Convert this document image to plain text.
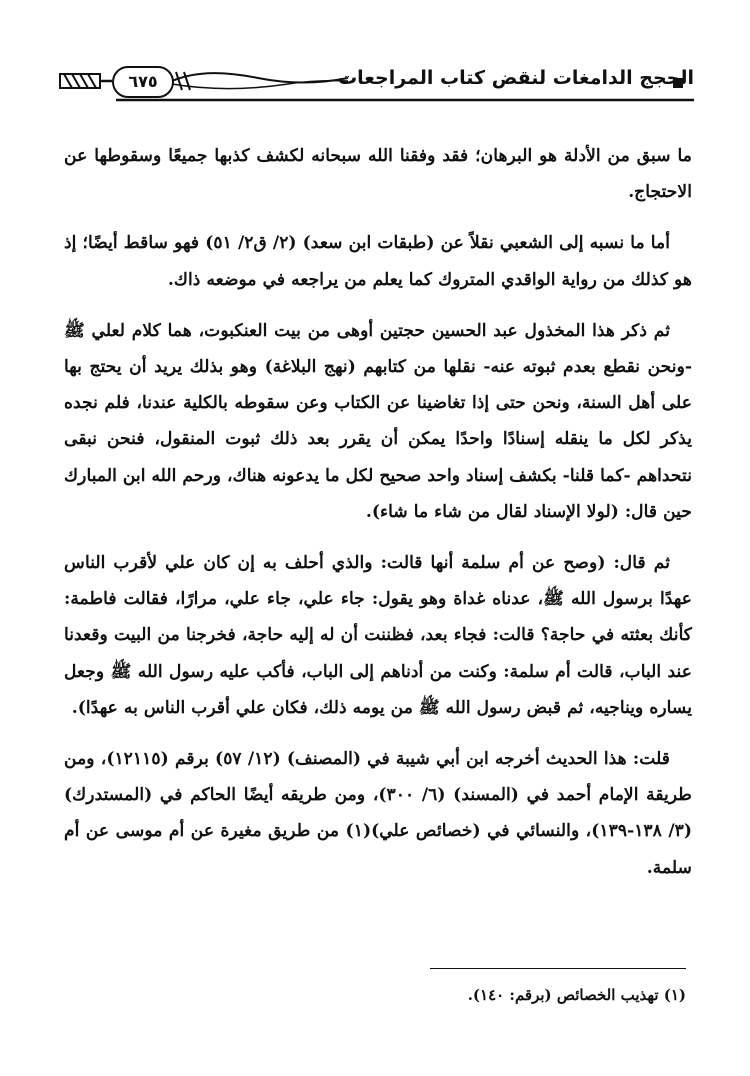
٦٧٥	الحجج الدامغات لنقض كتاب المراجعات

ما سبق من الأدلة هو البرهان؛ فقد وفقنا الله سبحانه لكشف كذبها جميعًا وسقوطها عن الاحتجاج.

أما ما نسبه إلى الشعبي نقلاً عن (طبقات ابن سعد) (٢/ ق٢/ ٥١) فهو ساقط أيضًا؛ إذ هو كذلك من رواية الواقدي المتروك كما يعلم من يراجعه في موضعه ذاك.

ثم ذكر هذا المخذول عبد الحسين حجتين أوهى من بيت العنكبوت، هما كلام لعلي ﷺ -ونحن نقطع بعدم ثبوته عنه- نقلها من كتابهم (نهج البلاغة) وهو بذلك يريد أن يحتج بها على أهل السنة، ونحن حتى إذا تغاضينا عن الكتاب وعن سقوطه بالكلية عندنا، فلم نجده يذكر لكل ما ينقله إسنادًا واحدًا يمكن أن يقرر بعد ذلك ثبوت المنقول، فنحن نبقى نتحداهم -كما قلنا- بكشف إسناد واحد صحيح لكل ما يدعونه هناك، ورحم الله ابن المبارك حين قال: (لولا الإسناد لقال من شاء ما شاء).

ثم قال: (وصح عن أم سلمة أنها قالت: والذي أحلف به إن كان علي لأقرب الناس عهدًا برسول الله ﷺ، عدناه غداة وهو يقول: جاء علي، جاء علي، مرارًا، فقالت فاطمة: كأنك بعثته في حاجة؟ قالت: فجاء بعد، فظننت أن له إليه حاجة، فخرجنا من البيت وقعدنا عند الباب، قالت أم سلمة: وكنت من أدناهم إلى الباب، فأكب عليه رسول الله ﷺ وجعل يساره ويناجيه، ثم قبض رسول الله ﷺ من يومه ذلك، فكان علي أقرب الناس به عهدًا).

قلت: هذا الحديث أخرجه ابن أبي شيبة في (المصنف) (١٢/ ٥٧) برقم (١٢١١٥)، ومن طريقة الإمام أحمد في (المسند) (٦/ ٣٠٠)، ومن طريقه أيضًا الحاكم في (المستدرك) (٣/ ١٣٨-١٣٩)، والنسائي في (خصائص علي)(١) من طريق مغيرة عن أم موسى عن أم سلمة.

(١) تهذيب الخصائص (برقم: ١٤٠).
